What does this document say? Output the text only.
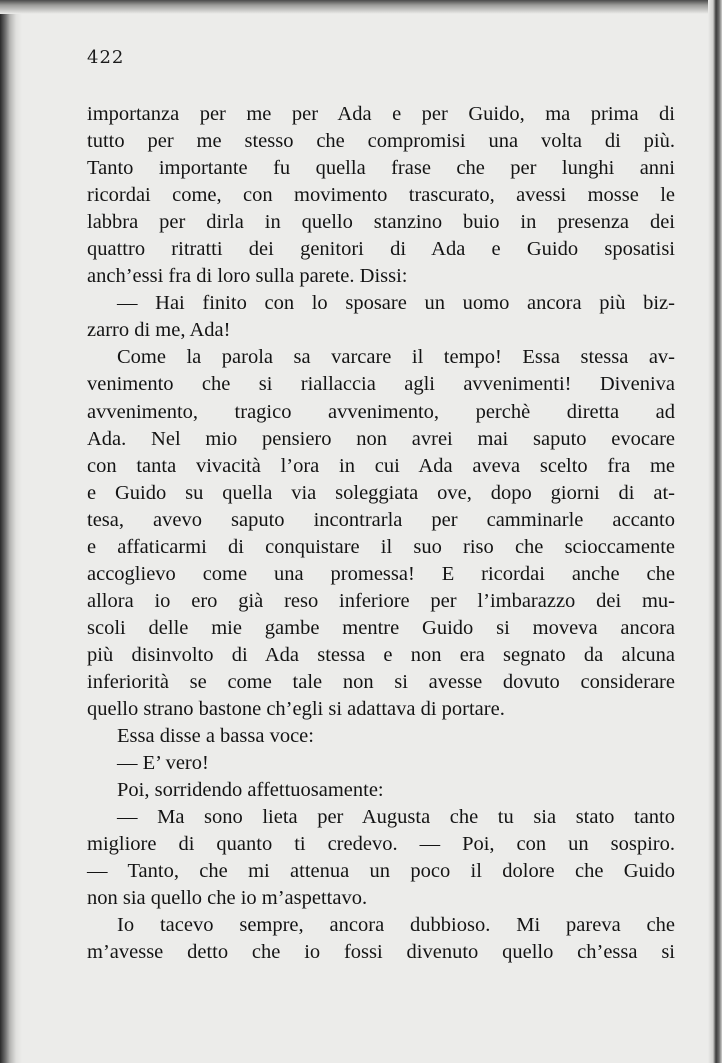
422
importanza per me per Ada e per Guido, ma prima di
tutto per me stesso che compromisi una volta di più.
Tanto importante fu quella frase che per lunghi anni
ricordai come, con movimento trascurato, avessi mosse le
labbra per dirla in quello stanzino buio in presenza dei
quattro ritratti dei genitori di Ada e Guido sposatisi
anch’essi fra di loro sulla parete. Dissi:
— Hai finito con lo sposare un uomo ancora più biz-
zarro di me, Ada!
Come la parola sa varcare il tempo! Essa stessa av-
venimento che si riallaccia agli avvenimenti! Diveniva
avvenimento, tragico avvenimento, perchè diretta ad
Ada. Nel mio pensiero non avrei mai saputo evocare
con tanta vivacità l’ora in cui Ada aveva scelto fra me
e Guido su quella via soleggiata ove, dopo giorni di at-
tesa, avevo saputo incontrarla per camminarle accanto
e affaticarmi di conquistare il suo riso che scioccamente
accoglievo come una promessa! E ricordai anche che
allora io ero già reso inferiore per l’imbarazzo dei mu-
scoli delle mie gambe mentre Guido si moveva ancora
più disinvolto di Ada stessa e non era segnato da alcuna
inferiorità se come tale non si avesse dovuto considerare
quello strano bastone ch’egli si adattava di portare.
Essa disse a bassa voce:
— E’ vero!
Poi, sorridendo affettuosamente:
— Ma sono lieta per Augusta che tu sia stato tanto
migliore di quanto ti credevo. — Poi, con un sospiro.
— Tanto, che mi attenua un poco il dolore che Guido
non sia quello che io m’aspettavo.
Io tacevo sempre, ancora dubbioso. Mi pareva che
m’avesse detto che io fossi divenuto quello ch’essa si
